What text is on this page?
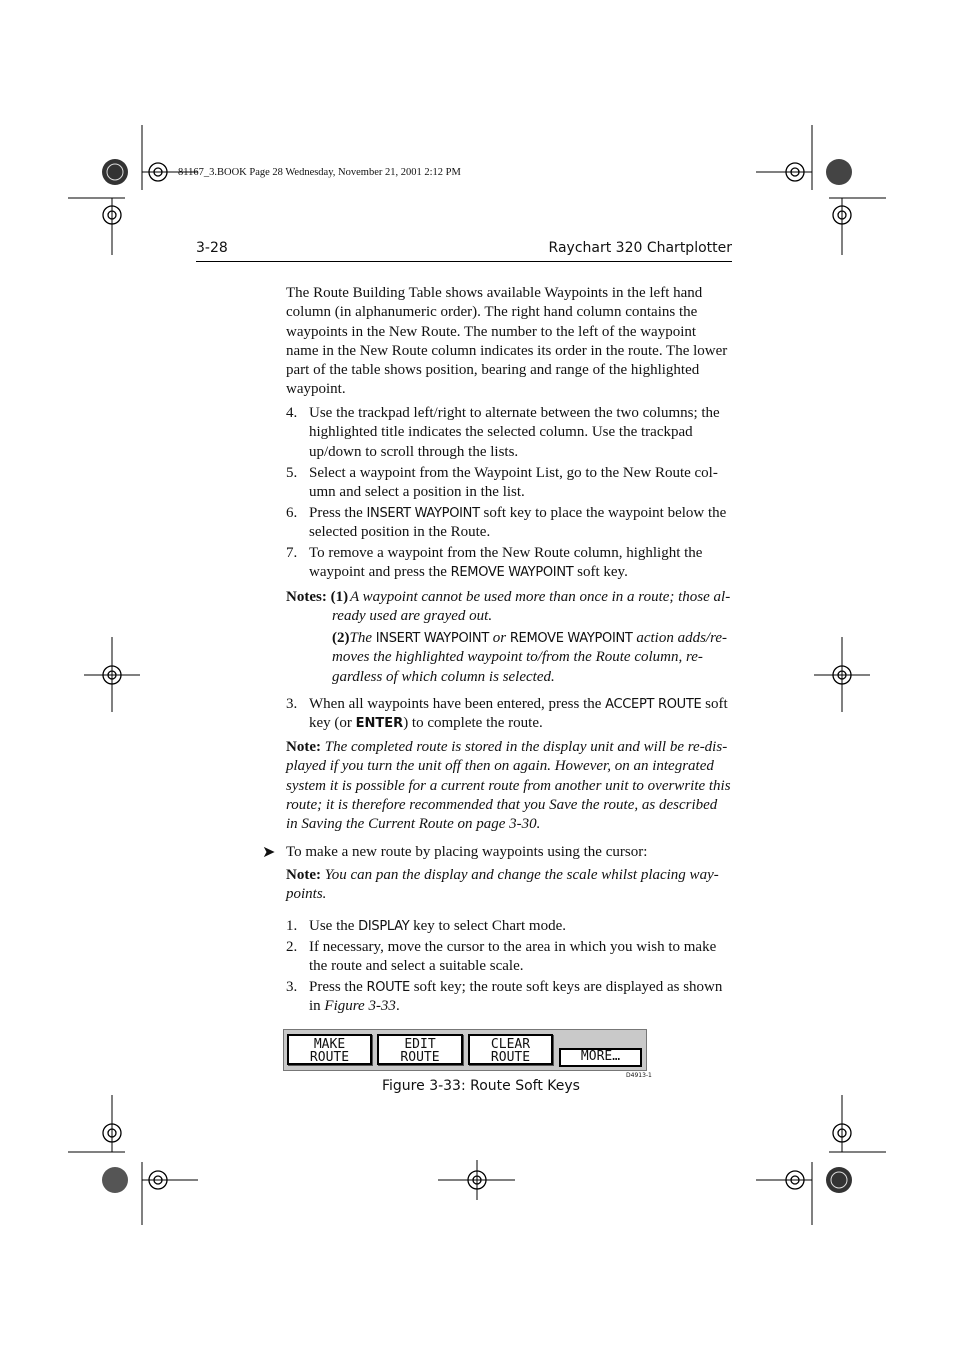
81167_3.BOOK Page 28 Wednesday, November 21, 2001 2:12 PM
3-28	Raychart 320 Chartplotter

The Route Building Table shows available Waypoints in the left hand column (in alphanumeric order). The right hand column contains the waypoints in the New Route. The number to the left of the waypoint name in the New Route column indicates its order in the route. The lower part of the table shows position, bearing and range of the highlighted waypoint.

4. Use the trackpad left/right to alternate between the two columns; the highlighted title indicates the selected column. Use the trackpad up/down to scroll through the lists.
5. Select a waypoint from the Waypoint List, go to the New Route col-umn and select a position in the list.
6. Press the INSERT WAYPOINT soft key to place the waypoint below the selected position in the Route.
7. To remove a waypoint from the New Route column, highlight the waypoint and press the REMOVE WAYPOINT soft key.
Notes: (1) A waypoint cannot be used more than once in a route; those al-ready used are grayed out.
(2)The INSERT WAYPOINT or REMOVE WAYPOINT action adds/re-moves the highlighted waypoint to/from the Route column, re-gardless of which column is selected.
3. When all waypoints have been entered, press the ACCEPT ROUTE soft key (or ENTER) to complete the route.

Note: The completed route is stored in the display unit and will be re-dis-played if you turn the unit off then on again. However, on an integrated system it is possible for a current route from another unit to overwrite this route; it is therefore recommended that you Save the route, as described in Saving the Current Route on page 3-30.

➤ To make a new route by placing waypoints using the cursor:

Note: You can pan the display and change the scale whilst placing way-points.

1. Use the DISPLAY key to select Chart mode.
2. If necessary, move the cursor to the area in which you wish to make the route and select a suitable scale.
3. Press the ROUTE soft key; the route soft keys are displayed as shown in Figure 3-33.
MAKE
ROUTE
EDIT
ROUTE
CLEAR
ROUTE	MORE…
D4913-1
Figure 3-33: Route Soft Keys
